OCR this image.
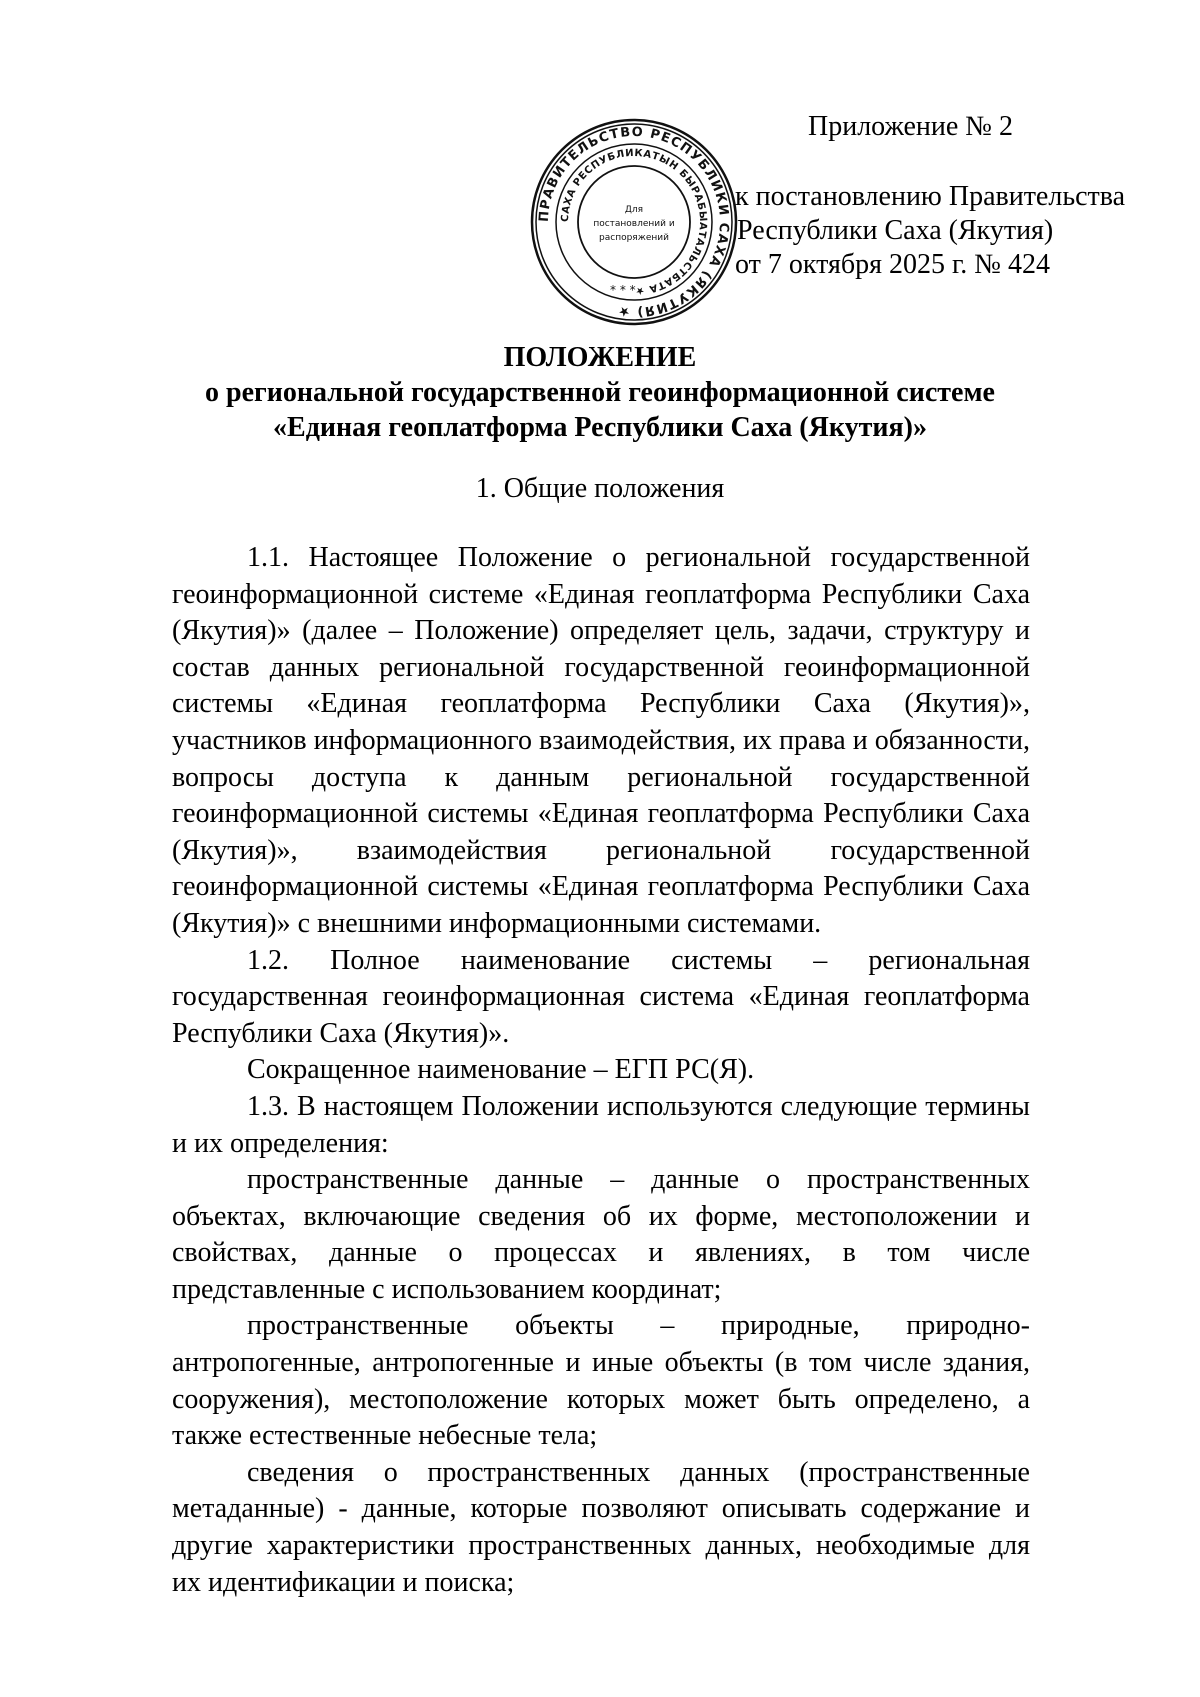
ПРАВИТЕЛЬСТВО РЕСПУБЛИКИ САХА (ЯКУТИЯ) ★
САХА РЕСПУБЛИКАТЫН БЫРАБЫАТАЛЬСТБАТА ★
Для
постановлений и
распоряжений
* * *
Приложение № 2
к постановлению Правительства
Республики Саха (Якутия)
от 7 октября 2025 г. № 424
ПОЛОЖЕНИЕ
о региональной государственной геоинформационной системе
«Единая геоплатформа Республики Саха (Якутия)»
1. Общие положения

1.1. Настоящее Положение о региональной государственной геоинформационной системе «Единая геоплатформа Республики Саха (Якутия)» (далее – Положение) определяет цель, задачи, структуру и состав данных региональной государственной геоинформационной системы «Единая геоплатформа Республики Саха (Якутия)», участников информационного взаимодействия, их права и обязанности, вопросы доступа к данным региональной государственной геоинформационной системы «Единая геоплатформа Республики Саха (Якутия)», взаимодействия региональной государственной геоинформационной системы «Единая геоплатформа Республики Саха (Якутия)» с внешними информационными системами.

1.2. Полное наименование системы – региональная государственная геоинформационная система «Единая геоплатформа Республики Саха (Якутия)».

Сокращенное наименование – ЕГП РС(Я).

1.3. В настоящем Положении используются следующие термины и их определения:

пространственные данные – данные о пространственных объектах, включающие сведения об их форме, местоположении и свойствах, данные о процессах и явлениях, в том числе представленные с использованием координат;

пространственные объекты – природные, природно-антропогенные, антропогенные и иные объекты (в том числе здания, сооружения), местоположение которых может быть определено, а также естественные небесные тела;

сведения о пространственных данных (пространственные метаданные) - данные, которые позволяют описывать содержание и другие характеристики пространственных данных, необходимые для их идентификации и поиска;
